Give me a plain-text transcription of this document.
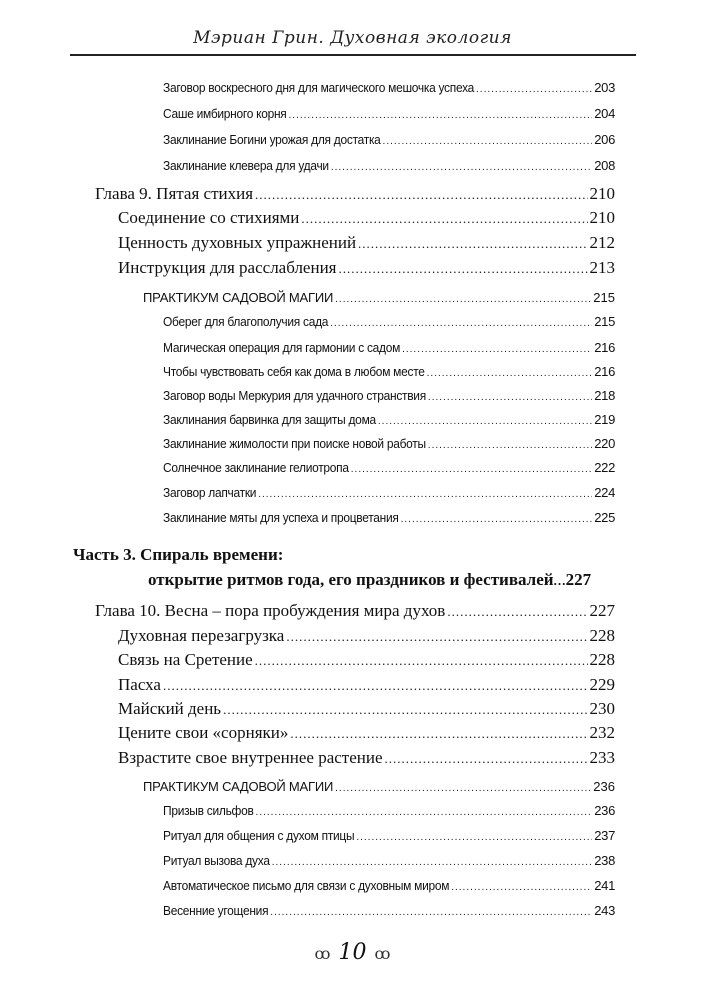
Мэриан Грин. Духовная экология
Заговор воскресного дня для магического мешочка успеха .....	203
Саше имбирного корня .....	204
Заклинание Богини урожая для достатка .....	206
Заклинание клевера для удачи .....	208
Глава 9. Пятая стихия .....	210
Соединение со стихиями .....	210
Ценность духовных упражнений .....	212
Инструкция для расслабления .....	213
ПРАКТИКУМ САДОВОЙ МАГИИ .....	215
Оберег для благополучия сада .....	215
Магическая операция для гармонии с садом .....	216
Чтобы чувствовать себя как дома в любом месте .....	216
Заговор воды Меркурия для удачного странствия .....	218
Заклинания барвинка для защиты дома .....	219
Заклинание жимолости при поиске новой работы .....	220
Солнечное заклинание гелиотропа .....	222
Заговор лапчатки .....	224
Заклинание мяты для успеха и процветания .....	225
Часть 3. Спираль времени:
открытие ритмов года, его праздников и фестивалей ..... 227
Глава 10. Весна – пора пробуждения мира духов .....	227
Духовная перезагрузка .....	228
Связь на Сретение .....	228
Пасха .....	229
Майский день .....	230
Цените свои «сорняки» .....	232
Взрастите свое внутреннее растение .....	233
ПРАКТИКУМ САДОВОЙ МАГИИ .....	236
Призыв сильфов .....	236
Ритуал для общения с духом птицы .....	237
Ритуал вызова духа .....	238
Автоматическое письмо для связи с духовным миром .....	241
Весенние угощения .....	243
ꝏ 10 ꝏ
